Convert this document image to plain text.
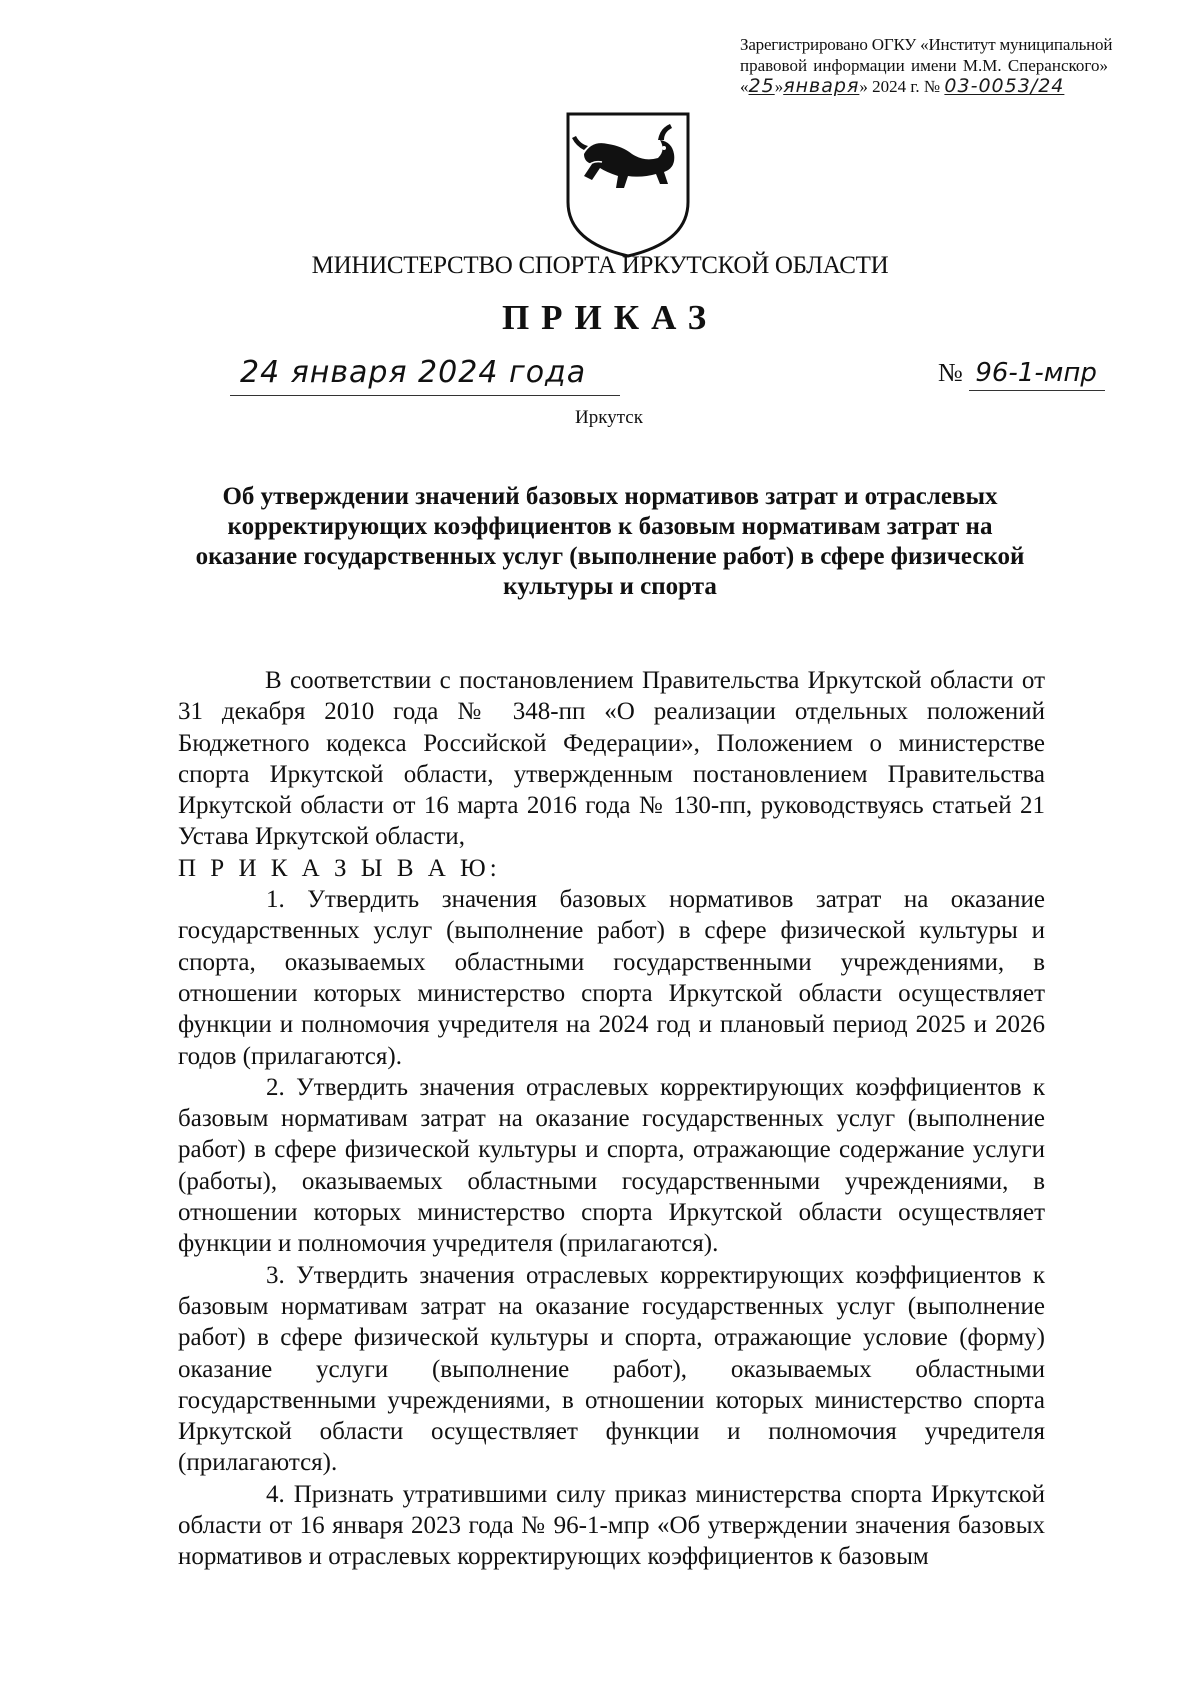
Зарегистрировано ОГКУ «Институт муниципальной
правовой информации имени М.М. Сперанского»
«25»января» 2024 г. № 03-0053/24
МИНИСТЕРСТВО СПОРТА ИРКУТСКОЙ ОБЛАСТИ
ПРИКАЗ
24 января 2024 года	№ 96-1-мпр
Иркутск
Об утверждении значений базовых нормативов затрат и отраслевых корректирующих коэффициентов к базовым нормативам затрат на оказание государственных услуг (выполнение работ) в сфере физической культуры и спорта

В соответствии с постановлением Правительства Иркутской области от 31 декабря 2010 года № 348-пп «О реализации отдельных положений Бюджетного кодекса Российской Федерации», Положением о министерстве спорта Иркутской области, утвержденным постановлением Правительства Иркутской области от 16 марта 2016 года № 130-пп, руководствуясь статьей 21 Устава Иркутской области,

П Р И К А З Ы В А Ю:

1. Утвердить значения базовых нормативов затрат на оказание государственных услуг (выполнение работ) в сфере физической культуры и спорта, оказываемых областными государственными учреждениями, в отношении которых министерство спорта Иркутской области осуществляет функции и полномочия учредителя на 2024 год и плановый период 2025 и 2026 годов (прилагаются).

2. Утвердить значения отраслевых корректирующих коэффициентов к базовым нормативам затрат на оказание государственных услуг (выполнение работ) в сфере физической культуры и спорта, отражающие содержание услуги (работы), оказываемых областными государственными учреждениями, в отношении которых министерство спорта Иркутской области осуществляет функции и полномочия учредителя (прилагаются).

3. Утвердить значения отраслевых корректирующих коэффициентов к базовым нормативам затрат на оказание государственных услуг (выполнение работ) в сфере физической культуры и спорта, отражающие условие (форму) оказание услуги (выполнение работ), оказываемых областными государственными учреждениями, в отношении которых министерство спорта Иркутской области осуществляет функции и полномочия учредителя (прилагаются).

4. Признать утратившими силу приказ министерства спорта Иркутской области от 16 января 2023 года № 96-1-мпр «Об утверждении значения базовых нормативов и отраслевых корректирующих коэффициентов к базовым
